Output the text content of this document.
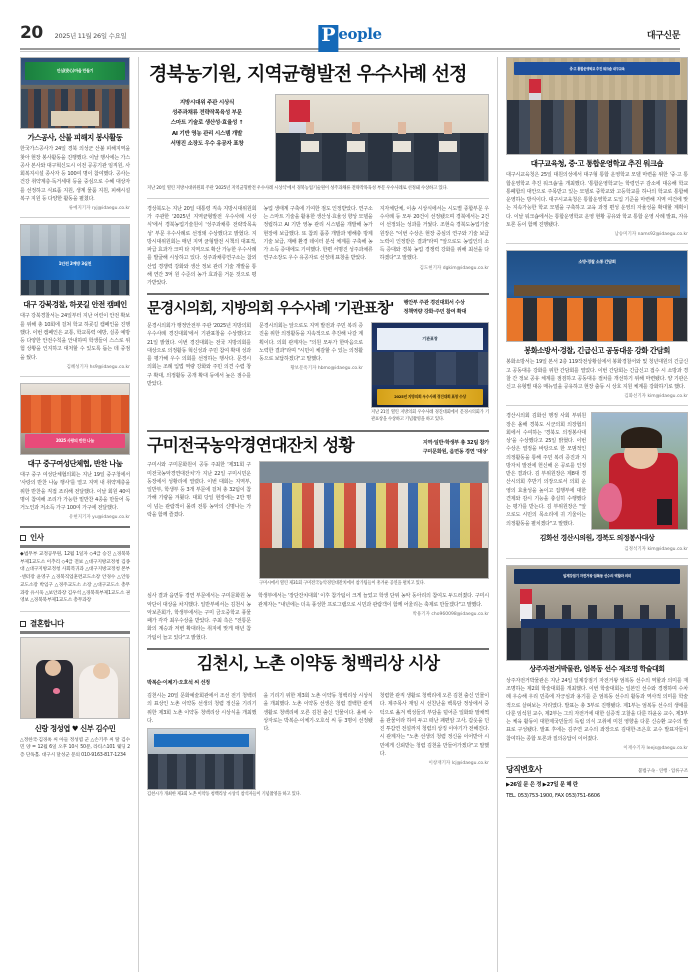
20 2025년 11월 26일 수요일	P eople	대구신문
안심(安心)마을 만들기
가스공사, 산불 피해지 봉사활동
한국가스공사가 24일 경북 의성군 산불 피해지역을 찾아 현장 봉사활동을 진행했다. 이날 행사에는 가스공사 본사와 대구혁신도시 이전 공공기관 임직원, 사회복지시설 종사자 등 100여 명이 참여했다. 공사는 건강 취약계층·독거세대 등을 중심으로 수혜 대상자를 선정하고 식료품 지원, 생계 물품 지원, 피해시설 복구 지원 등 다양한 활동을 펼쳤다.
류예지기자 ryj@idaegu.co.kr
1안전 2예방 3실천
대구 강북경찰, 하굣길 안전 캠페인
대구 강북경찰서는 24일부터 지난 어린이 안전 확보를 위해 총 10회에 걸쳐 학교 하굣길 캠페인을 진행했다. 이번 캠페인은 교통, 학교폭력 예방, 실종 예방 등 다양한 안전수칙을 안내하며 학생들이 스스로 위험 상황을 인지하고 대처할 수 있도록 돕는 데 중점을 뒀다.
김혜성기자 hs9@idaegu.co.kr
2025 사랑의 반찬 나눔
대구 중구여성단체협, 반찬 나눔
대구 중구 여성단체협의회는 지난 19일 중구청에서 '사랑의 반찬 나눔 행사'를 열고 지역 내 취약계층을 위한 반찬을 직접 조리해 전달했다. 이날 회원 40여 명이 참여해 조리가 가능한 밑반찬 4종을 만들어 독거노인과 저소득 가구 100여 가구에 전달했다.
유현지기자 yu@idaegu.co.kr
인사
◆법무부 교정공무원, 12월 1일자 ◇4급 승진 △경북북부제1교도소 이추리 ◇4급 전보 △대구지방교정청 김종대 △대구지방교정청 사회복귀과 △대구지방교정청 본부·센터장 윤영구 △경북직업훈련교도소장 안경수 △안동교도소장 박임구 △경주교도소 소장 △대구교도소 총무과장 유시욱 △보안과장 김우석 △경북북부제1교도소 권영보 △경북북부제1교도소 총무과장
결혼합니다
신랑 정성엽 ♥ 신부 김수민
△정한국·김경옥 씨 아들 정성엽 군 △손기주 씨 딸 김수민 양 = 12월 6일 오후 10시 50분, 라티스101 웨딩 2층 단독홀. 대구시 달성군 문의 010-9163-817-1234
경북농기원, 지역균형발전 우수사례 선정
지방시대위 주관 시상식
성주과채류 전략작목육성 부문
스마트 기술로 생산성·효율성 ↑
AI 기반 영농 관리 시스템 개발
서명진 소장도 우수 유공자 표창
지난 20일 열린 지방시대위원회 주관 '2025년 지역균형발전 우수사례 시상식'에서 경북농업기술원이 성주과채류 전략작목육성 부문 우수사례로 선정돼 수상하고 있다.
경상북도는 지난 20일 대통령 직속 지방시대위원회가 주관한 '2025년 지역균형발전 우수사례 시상식'에서 경북농업기술원이 '성주과채류 전략작목육성' 부문 우수사례로 선정돼 수상했다고 밝혔다. 지방시대위원회는 매년 지역 균형발전 시책의 대표적, 파급 효과가 크며 타 지역으로 확산 가능한 우수사례를 발굴해 시상하고 있다. 성주과채류연구소는 참외 산업 경쟁력 강화와 생산 정보 관리 기술 개발을 통해 연간 3억 원 수준의 농가 효과를 거둔 것으로 평가받았다.
농업 생태계 구축에 기여한 점도 인정받았다. 연구소는 스마트 기술을 활용한 생산성·효율성 향상 모델을 정립하고 AI 기반 영농 관리 시스템을 개발해 농가 현장에 보급했다. 또 참외 품종 개발과 병해충 방제 기술 보급, 재배 환경 데이터 분석 체계를 구축해 농가 소득 증대에도 기여했다. 한편 서명진 성주과채류연구소장도 우수 유공자로 선정돼 표창을 받았다.
지자체단체, 이송 시상식에서는 시도별 종합부문 우수사례 등 모두 20건이 선정됐으며 경북에서는 2건이 선정되는 성과를 거뒀다. 조현숙 경북도농업기술원장은 "이번 수상은 현장 중심의 연구와 기술 보급 노력이 인정받은 결과"라며 "앞으로도 농업인의 소득 증대와 경북 농업 경쟁력 강화를 위해 최선을 다하겠다"고 말했다.
김도현기자 dgkim@idaegu.co.kr
문경시의회, 지방의회 우수사례 '기관표창' 행안부 주관 경진대회서 수상
정책역량 강화·주민 참여 확대
문경시의회가 행정안전부 주관 '2025년 지방의회 우수사례 경진대회'에서 기관표창을 수상했다고 21일 밝혔다. 이번 경진대회는 전국 지방의회를 대상으로 의정활동 혁신성과 주민 참여 확대 성과를 평가해 우수 의회를 선정하는 행사다. 문경시의회는 조례 입법 역량 강화와 주민 의견 수렴 창구 확대, 의정활동 공개 확대 등에서 높은 점수를 받았다.
문경시의회는 앞으로도 지역 발전과 주민 복리 증진을 위한 의정활동을 지속적으로 추진해 나갈 계획이다. 의회 관계자는 "의원 모두가 한마음으로 노력한 결과"라며 "시민이 체감할 수 있는 의정활동으로 보답하겠다"고 말했다.
황보문옥기자 hbmo@idaegu.co.kr
기관표창
2025년 지방의회 우수사례 경진대회 표창 수상
지난 21일 열린 지방의회 우수사례 경진대회에서 문경시의회가 기관표창을 수상하고 기념촬영을 하고 있다.
구미전국농악경연대잔치 성황	지역·일반·학생부 총 32팀 참가
구미문화원, 읍면동 경연 '대상'
구미시와 구미문화원이 공동 주최한 '제31회 구미전국농악경연대잔치'가 지난 22일 구미시민운동장에서 성황리에 열렸다. 이번 대회는 지역부, 일반부, 학생부 등 3개 부문에 걸쳐 총 32팀이 참가해 기량을 겨뤘다. 대회 당일 현장에는 2만 명이 넘는 관람객이 몰려 전통 농악의 신명나는 가락을 함께 즐겼다.
구미시에서 열린 제31회 구미전국농악경연대잔치에서 참가팀들이 흥겨운 공연을 펼치고 있다.
심사 결과 읍면동 경연 부문에서는 구미문화원 농악단이 대상을 차지했다. 일반부에서는 김천시 농악보존회가, 학생부에서는 구미 금오중학교 풍물패가 각각 최우수상을 받았다. 주최 측은 "전통문화의 계승과 저변 확대라는 취지에 맞게 매년 참가팀이 늘고 있다"고 밝혔다.
학생부에서는 '장단잔치대회' 이후 참가팀이 크게 늘었고 학생 단위 농악 동아리의 참여도 두드러졌다. 구미시 관계자는 "내년에는 더욱 풍성한 프로그램으로 시민과 관람객이 함께 어울리는 축제로 만들겠다"고 말했다.
박용기자 cho960098@idaegu.co.kr
김천시, 노촌 이약동 청백리상 시상
박복순·이체기·오호석 씨 선정
김천시는 20일 문화예술회관에서 조선 전기 청백리의 표상인 노촌 이약동 선생의 청렴 정신을 기리기 위한 제3회 노촌 이약동 청백리상 시상식을 개최했다.
을 기리기 위한 제3회 노촌 이약동 청백리상 시상식을 개최했다. 노촌 이약동 선생은 청렴 결백한 관직 생활로 청백리에 오른 김천 출신 인물이다. 올해 수상자로는 박복순·이체기·오호석 씨 등 3명이 선정됐다.
청렴한 관직 생활로 청백리에 오른 김천 출신 인물이다. 제주목사 재임 시 선친난을 백록담 정상에서 중턱으로 옮겨 백성들의 부담을 덜어준 일화와 말채찍을 관물이라 하여 두고 떠난 괘편암 고사, 갑옷을 던진 투갑연 전설까지 청렴의 상징 이야기가 전해진다. 시 관계자는 "노촌 선생의 청렴 정신을 이어받아 시민에게 신뢰받는 청렴 김천을 만들어가겠다"고 말했다.
이창재기자 lcj@idaegu.co.kr
김천시가 개최한 제3회 노촌 이약동 청백리상 시상식 참석자들이 기념촬영을 하고 있다.
중·고 통합운영학교 추진 워크숍 대구교육
대구교육청, 중·고 통합운영학교 추진 워크숍
대구시교육청은 25일 대원의성에서 대구형 통합 운영학교 모델 마련을 위한 '중·고 통합운영학교 추진 워크숍'을 개최했다. '통합운영학교'는 학령인구 감소에 대응해 학교 통폐합의 대안으로 주목받고 있는 모델로 중학교와 고등학교를 하나의 학교로 통합해 운영하는 방식이다. 대구시교육청은 통합운영학교 도입 기준을 마련해 지역 여건에 맞는 지속가능한 학교 모델을 구축하고 교육 과정 편성 운영의 자율성을 확대할 계획이다. 이날 워크숍에서는 통합운영학교 운영 현황 공유와 학교 통합 운영 사례 발표, 자유토론 등이 함께 진행됐다.
남승미기자 nams92@idaegu.co.kr
소방·경찰 소통 간담회
봉화소방서·경찰, 긴급신고 공동대응 강화 간담회
봉화소방서는 19일 본서 2층 119작전상황실에서 봉화경찰서와 및 청년대원의 긴급신고 공동대응 강화를 위한 간담회를 열었다. 이번 간담회는 긴급신고 접수 시 소방과 경찰 간 정보 공유 체계를 점검하고 공동대응 절차를 개선하기 위해 마련됐다. 양 기관은 신고 유형별 대응 매뉴얼을 공유하고 현장 출동 시 상호 지원 체계를 강화하기로 했다.
김화선기자 kim@idaegu.co.kr
경산시의회 김화선 행정 사회 부위원장은 올해 경북도 시군의회 의장협의회에서 수여하는 '경북도 의정봉사대상'을 수상했다고 25일 밝혔다. 이번 수상은 열정을 바탕으로 한 모범적인 의정활동을 통해 주민 복리 증진과 지방자치 발전에 헌신해 온 공로를 인정받은 결과다. 김 부위원장은 제8대 경산시의회 후반기 의장으로서 의회 운영의 효율성을 높이고 집행부에 대한 견제와 감시 기능을 충실히 수행했다는 평가를 받는다. 김 부위원장은 "앞으로도 시민의 목소리에 귀 기울이는 의정활동을 펼치겠다"고 말했다.
김화선 경산시의원, 경북도 의정봉사대상
김정석기자 kim@idaegu.co.kr
일제강점기 자전거왕 엄복동 선수의 역할과 의미
상주자전거박물관, 엄복동 선수 재조명 학술대회
상주자전거박물관은 지난 24일 일제강점기 자전거왕 엄복동 선수의 역할과 의미를 재조명하는 제2회 학술대회를 개최했다. 이번 학술대회는 일본인 선수와 경쟁하며 수차례 우승해 우리 민족에 자긍심과 용기를 준 엄복동 선수의 활동과 역사적 의미를 학술적으로 살펴보는 자리였다. 발표는 총 3부로 진행됐다. 제1부는 엄복동 선수의 생애를 다룬 임석원 교수, 제2부는 그의 자전거에 대한 실증적 고찰을 다룬 하윤웅 교수, 제3부는 체육 활동이 대한제국민들의 독립 의식 고취에 미친 영향을 다룬 신승환 교수의 발표로 구성됐다. 발표 후에는 김주연 교수의 좌장으로 김대한·조은호 교수 발표자들이 참여하는 종합 토론과 질의응답이 이어졌다.
이재수기자 leejs@daegu.co.kr
당직변호사	불법구속 · 연행 · 압류구조
▶26일 문 은 정 ▶27일 문 혜 란
TEL. 053)753-1900, FAX 053)751-6606
